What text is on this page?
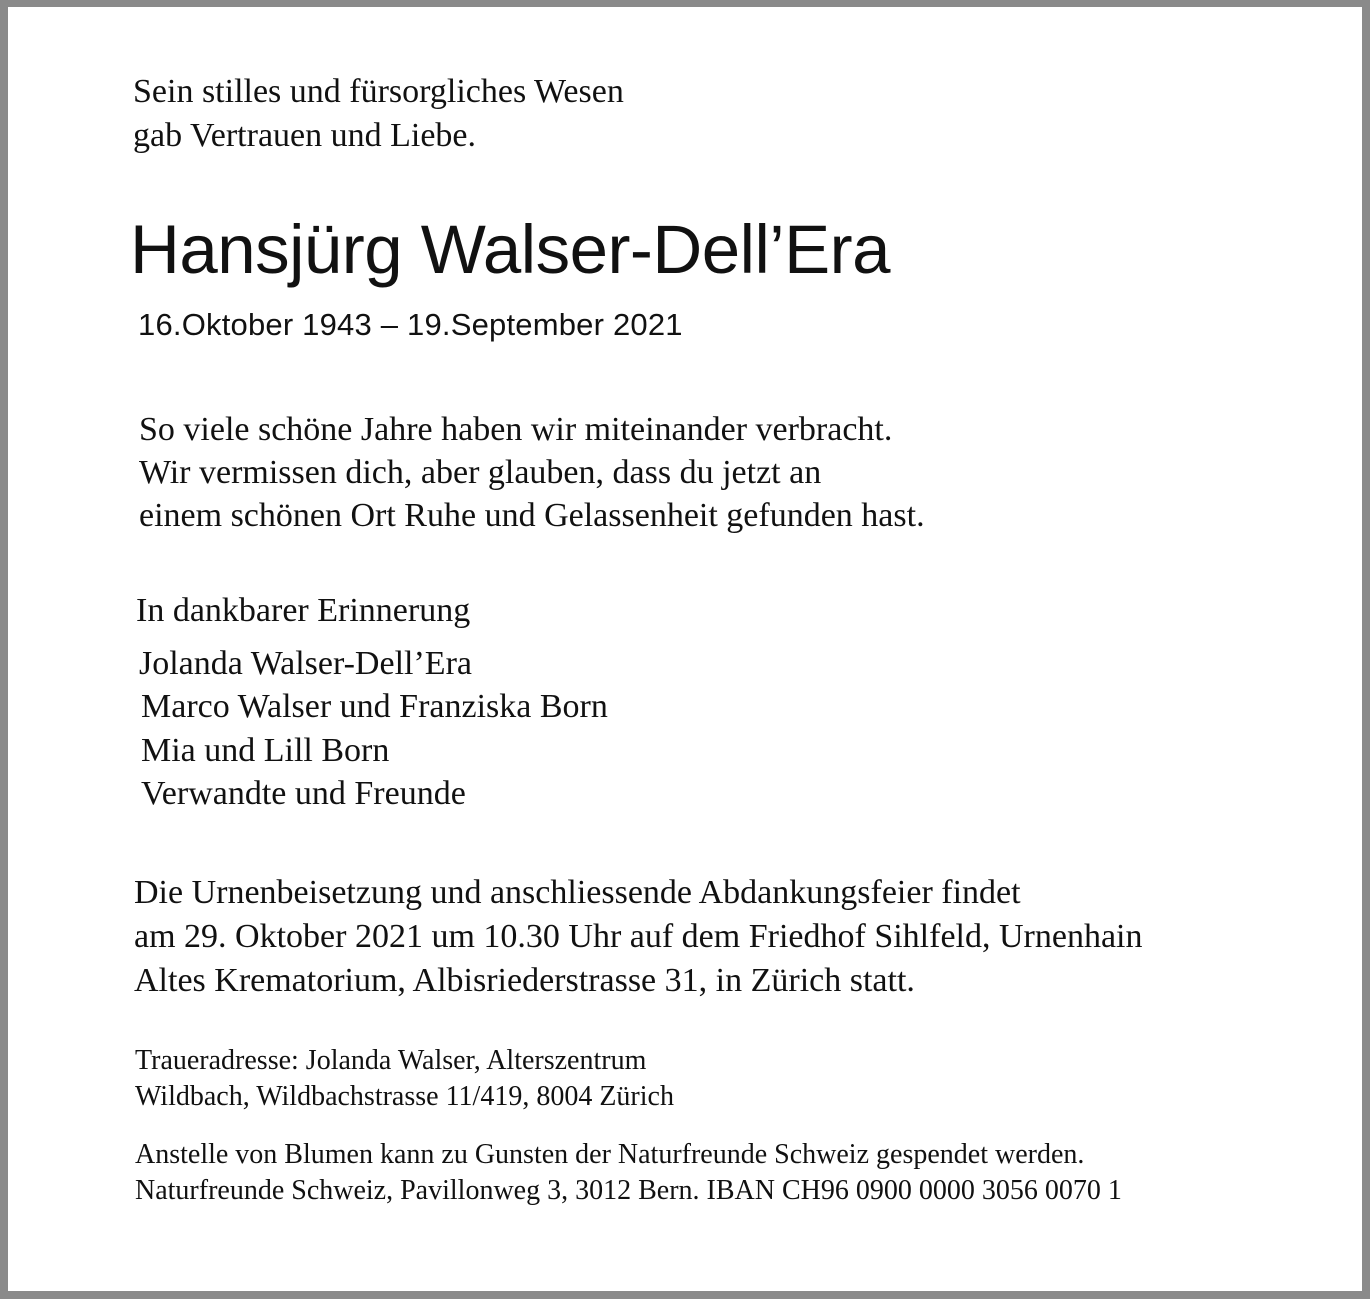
Sein stilles und fürsorgliches Wesen

gab Vertrauen und Liebe.

Hansjürg Walser-Dell’Era

16.Oktober 1943 – 19.September 2021

So viele schöne Jahre haben wir miteinander verbracht.

Wir vermissen dich, aber glauben, dass du jetzt an

einem schönen Ort Ruhe und Gelassenheit gefunden hast.

In dankbarer Erinnerung

Jolanda Walser-Dell’Era

Marco Walser und Franziska Born

Mia und Lill Born

Verwandte und Freunde

Die Urnenbeisetzung und anschliessende Abdankungsfeier findet

am 29. Oktober 2021 um 10.30 Uhr auf dem Friedhof Sihlfeld, Urnenhain

Altes Krematorium, Albisriederstrasse 31, in Zürich statt.

Traueradresse: Jolanda Walser, Alterszentrum

Wildbach, Wildbachstrasse 11/419, 8004 Zürich

Anstelle von Blumen kann zu Gunsten der Naturfreunde Schweiz gespendet werden.

Naturfreunde Schweiz, Pavillonweg 3, 3012 Bern. IBAN CH96 0900 0000 3056 0070 1
